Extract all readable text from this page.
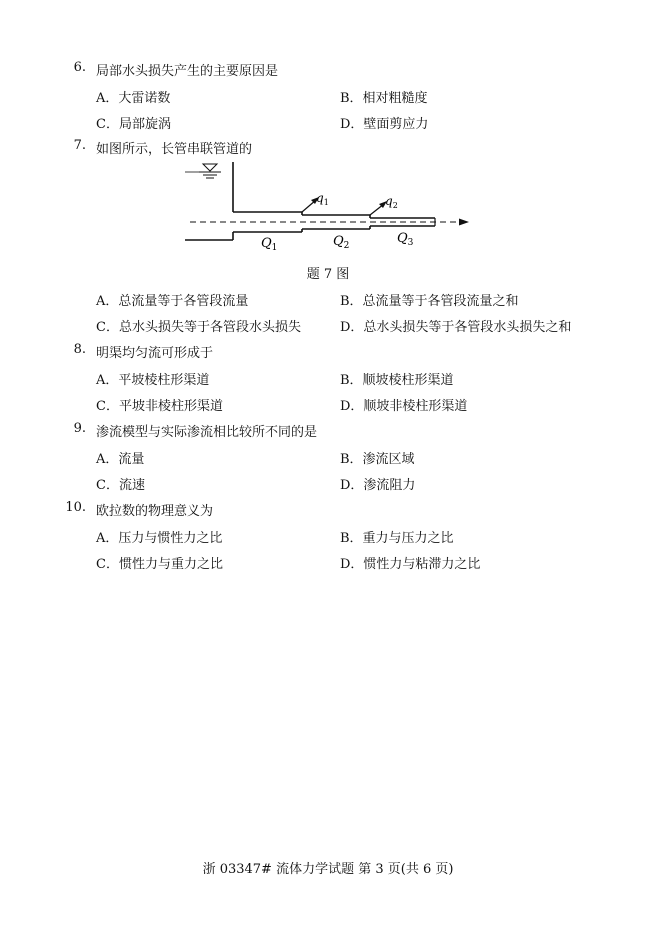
6. 局部水头损失产生的主要原因是
A．大雷诺数	B．相对粗糙度
C．局部旋涡	D．壁面剪应力
7. 如图所示，长管串联管道的
$q_1$	$q_2$
$Q_1$	$Q_2$	$Q_3$
题 7 图
A．总流量等于各管段流量	B．总流量等于各管段流量之和
C．总水头损失等于各管段水头损失	D．总水头损失等于各管段水头损失之和
8. 明渠均匀流可形成于
A．平坡棱柱形渠道	B．顺坡棱柱形渠道
C．平坡非棱柱形渠道	D．顺坡非棱柱形渠道
9. 渗流模型与实际渗流相比较所不同的是
A．流量	B．渗流区域
C．流速	D．渗流阻力
10. 欧拉数的物理意义为
A．压力与惯性力之比	B．重力与压力之比
C．惯性力与重力之比	D．惯性力与粘滞力之比
浙 03347# 流体力学试题 第 3 页(共 6 页)
